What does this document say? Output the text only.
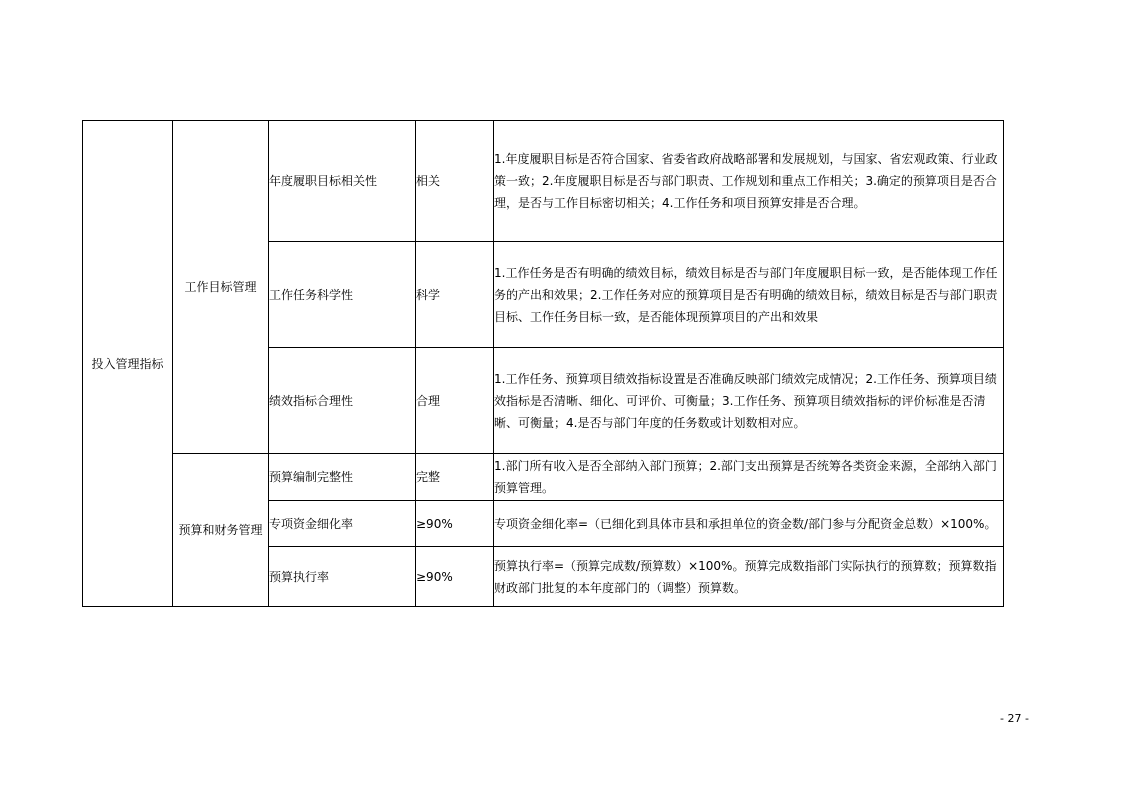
投入管理指标	工作目标管理	年度履职目标相关性	相关	1.年度履职目标是否符合国家、省委省政府战略部署和发展规划，与国家、省宏观政策、行业政策一致；2.年度履职目标是否与部门职责、工作规划和重点工作相关；3.确定的预算项目是否合理，是否与工作目标密切相关；4.工作任务和项目预算安排是否合理。
		工作任务科学性	科学	1.工作任务是否有明确的绩效目标，绩效目标是否与部门年度履职目标一致，是否能体现工作任务的产出和效果；2.工作任务对应的预算项目是否有明确的绩效目标，绩效目标是否与部门职责目标、工作任务目标一致，是否能体现预算项目的产出和效果
		绩效指标合理性	合理	1.工作任务、预算项目绩效指标设置是否准确反映部门绩效完成情况；2.工作任务、预算项目绩效指标是否清晰、细化、可评价、可衡量；3.工作任务、预算项目绩效指标的评价标准是否清晰、可衡量；4.是否与部门年度的任务数或计划数相对应。
	预算和财务管理	预算编制完整性	完整	1.部门所有收入是否全部纳入部门预算；2.部门支出预算是否统筹各类资金来源，全部纳入部门预算管理。
		专项资金细化率	≥90%	专项资金细化率=（已细化到具体市县和承担单位的资金数/部门参与分配资金总数）×100%。
		预算执行率	≥90%	预算执行率=（预算完成数/预算数）×100%。预算完成数指部门实际执行的预算数；预算数指财政部门批复的本年度部门的（调整）预算数。
- 27 -
